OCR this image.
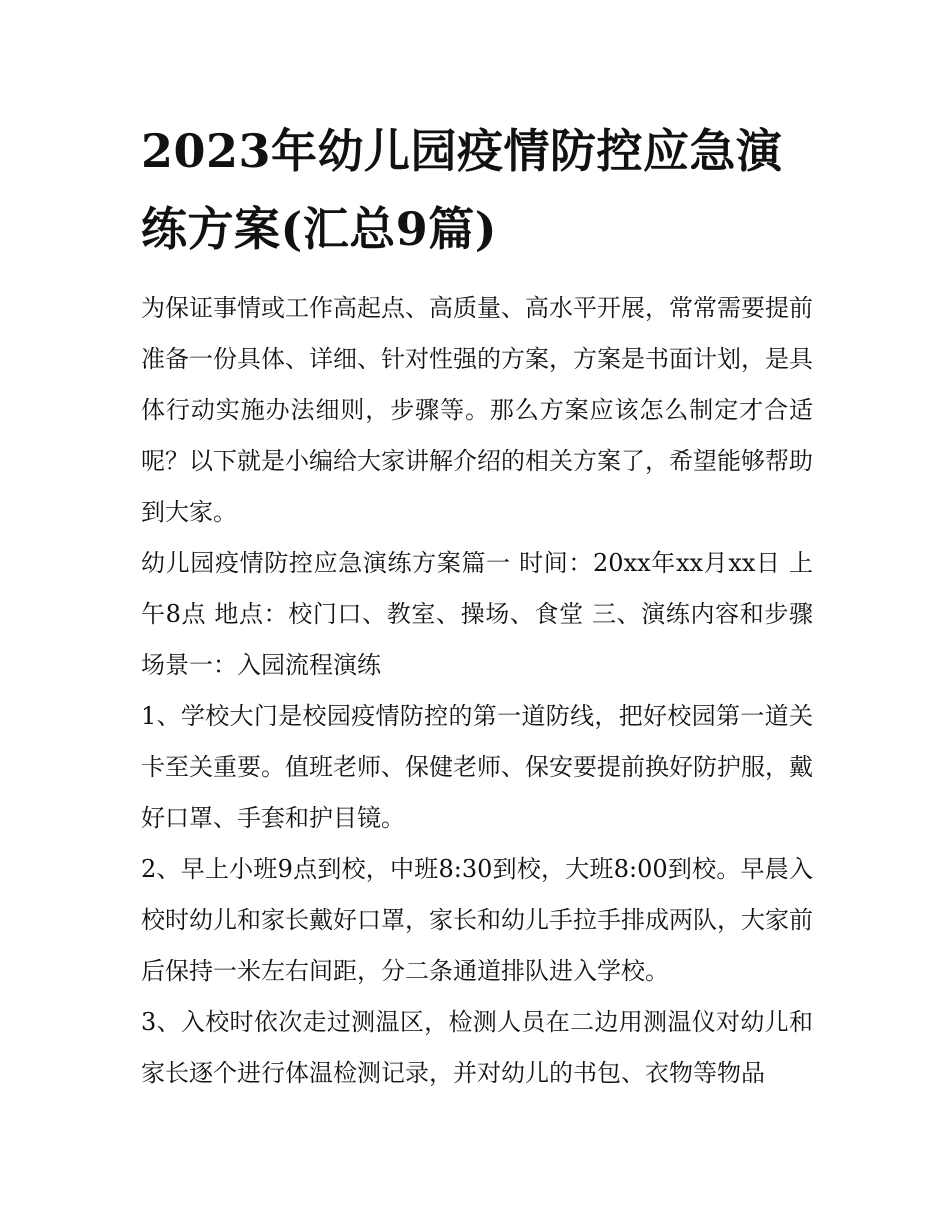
2023年幼儿园疫情防控应急演练方案(汇总9篇)

为保证事情或工作高起点、高质量、高水平开展，常常需要提前准备一份具体、详细、针对性强的方案，方案是书面计划，是具体行动实施办法细则，步骤等。那么方案应该怎么制定才合适呢？以下就是小编给大家讲解介绍的相关方案了，希望能够帮助到大家。

幼儿园疫情防控应急演练方案篇一 时间：20xx年xx月xx日 上午8点 地点：校门口、教室、操场、食堂 三、演练内容和步骤 场景一：入园流程演练

1、学校大门是校园疫情防控的第一道防线，把好校园第一道关卡至关重要。值班老师、保健老师、保安要提前换好防护服，戴好口罩、手套和护目镜。

2、早上小班9点到校，中班8:30到校，大班8:00到校。早晨入校时幼儿和家长戴好口罩，家长和幼儿手拉手排成两队，大家前后保持一米左右间距，分二条通道排队进入学校。

3、入校时依次走过测温区，检测人员在二边用测温仪对幼儿和家长逐个进行体温检测记录，并对幼儿的书包、衣物等物品
